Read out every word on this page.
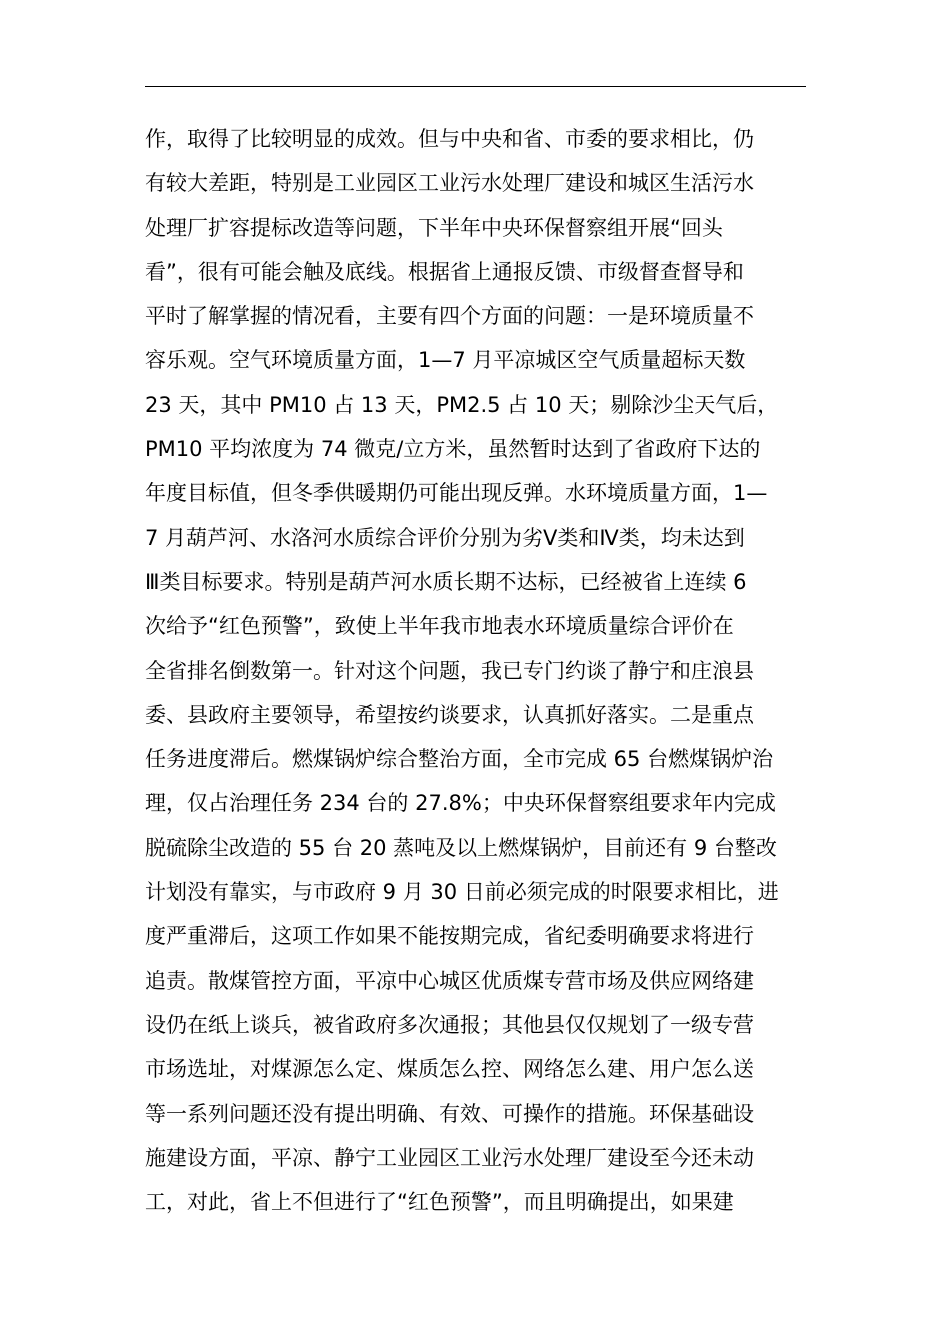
作，取得了比较明显的成效。但与中央和省、市委的要求相比，仍
有较大差距，特别是工业园区工业污水处理厂建设和城区生活污水
处理厂扩容提标改造等问题，下半年中央环保督察组开展“回头
看”，很有可能会触及底线。根据省上通报反馈、市级督查督导和
平时了解掌握的情况看，主要有四个方面的问题：一是环境质量不
容乐观。空气环境质量方面，1—7 月平凉城区空气质量超标天数
23 天，其中 PM10 占 13 天，PM2.5 占 10 天；剔除沙尘天气后，
PM10 平均浓度为 74 微克/立方米，虽然暂时达到了省政府下达的
年度目标值，但冬季供暖期仍可能出现反弹。水环境质量方面，1—
7 月葫芦河、水洛河水质综合评价分别为劣Ⅴ类和Ⅳ类，均未达到
Ⅲ类目标要求。特别是葫芦河水质长期不达标，已经被省上连续 6
次给予“红色预警”，致使上半年我市地表水环境质量综合评价在
全省排名倒数第一。针对这个问题，我已专门约谈了静宁和庄浪县
委、县政府主要领导，希望按约谈要求，认真抓好落实。二是重点
任务进度滞后。燃煤锅炉综合整治方面，全市完成 65 台燃煤锅炉治
理，仅占治理任务 234 台的 27.8%；中央环保督察组要求年内完成
脱硫除尘改造的 55 台 20 蒸吨及以上燃煤锅炉，目前还有 9 台整改
计划没有靠实，与市政府 9 月 30 日前必须完成的时限要求相比，进
度严重滞后，这项工作如果不能按期完成，省纪委明确要求将进行
追责。散煤管控方面，平凉中心城区优质煤专营市场及供应网络建
设仍在纸上谈兵，被省政府多次通报；其他县仅仅规划了一级专营
市场选址，对煤源怎么定、煤质怎么控、网络怎么建、用户怎么送
等一系列问题还没有提出明确、有效、可操作的措施。环保基础设
施建设方面，平凉、静宁工业园区工业污水处理厂建设至今还未动
工，对此，省上不但进行了“红色预警”，而且明确提出，如果建
